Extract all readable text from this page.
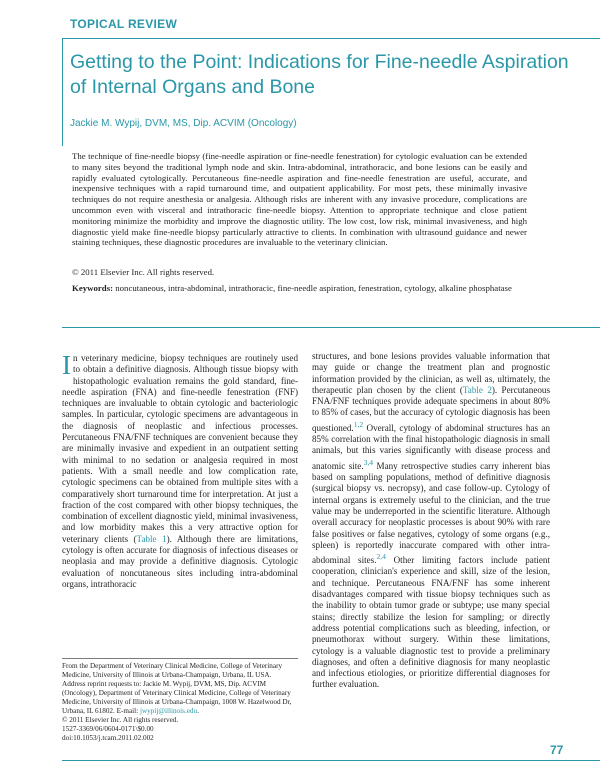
TOPICAL REVIEW
Getting to the Point: Indications for Fine-needle Aspiration of Internal Organs and Bone
Jackie M. Wypij, DVM, MS, Dip. ACVIM (Oncology)

The technique of fine-needle biopsy (fine-needle aspiration or fine-needle fenestration) for cytologic evaluation can be extended to many sites beyond the traditional lymph node and skin. Intra-abdominal, intrathoracic, and bone lesions can be easily and rapidly evaluated cytologically. Percutaneous fine-needle aspiration and fine-needle fenestration are useful, accurate, and inexpensive techniques with a rapid turnaround time, and outpatient applicability. For most pets, these minimally invasive techniques do not require anesthesia or analgesia. Although risks are inherent with any invasive procedure, complications are uncommon even with visceral and intrathoracic fine-needle biopsy. Attention to appropriate technique and close patient monitoring minimize the morbidity and improve the diagnostic utility. The low cost, low risk, minimal invasiveness, and high diagnostic yield make fine-needle biopsy particularly attractive to clients. In combination with ultrasound guidance and newer staining techniques, these diagnostic procedures are invaluable to the veterinary clinician.

© 2011 Elsevier Inc. All rights reserved.
Keywords: noncutaneous, intra-abdominal, intrathoracic, fine-needle aspiration, fenestration, cytology, alkaline phosphatase

In veterinary medicine, biopsy techniques are routinely used to obtain a definitive diagnosis. Although tissue biopsy with histopathologic evaluation remains the gold standard, fine-needle aspiration (FNA) and fine-needle fenestration (FNF) techniques are invaluable to obtain cytologic and bacteriologic samples. In particular, cytologic specimens are advantageous in the diagnosis of neoplastic and infectious processes. Percutaneous FNA/FNF techniques are convenient because they are minimally invasive and expedient in an outpatient setting with minimal to no sedation or analgesia required in most patients. With a small needle and low complication rate, cytologic specimens can be obtained from multiple sites with a comparatively short turnaround time for interpretation. At just a fraction of the cost compared with other biopsy techniques, the combination of excellent diagnostic yield, minimal invasiveness, and low morbidity makes this a very attractive option for veterinary clients (Table 1). Although there are limitations, cytology is often accurate for diagnosis of infectious diseases or neoplasia and may provide a definitive diagnosis. Cytologic evaluation of noncutaneous sites including intra-abdominal organs, intrathoracic

structures, and bone lesions provides valuable information that may guide or change the treatment plan and prognostic information provided by the clinician, as well as, ultimately, the therapeutic plan chosen by the client (Table 2). Percutaneous FNA/FNF techniques provide adequate specimens in about 80% to 85% of cases, but the accuracy of cytologic diagnosis has been questioned.$^{1,2}$ Overall, cytology of abdominal structures has an 85% correlation with the final histopathologic diagnosis in small animals, but this varies significantly with disease process and anatomic site.$^{3,4}$ Many retrospective studies carry inherent bias based on sampling populations, method of definitive diagnosis (surgical biopsy vs. necropsy), and case follow-up. Cytology of internal organs is extremely useful to the clinician, and the true value may be underreported in the scientific literature. Although overall accuracy for neoplastic processes is about 90% with rare false positives or false negatives, cytology of some organs (e.g., spleen) is reportedly inaccurate compared with other intra-abdominal sites.$^{2,4}$ Other limiting factors include patient cooperation, clinician's experience and skill, size of the lesion, and technique. Percutaneous FNA/FNF has some inherent disadvantages compared with tissue biopsy techniques such as the inability to obtain tumor grade or subtype; use many special stains; directly stabilize the lesion for sampling; or directly address potential complications such as bleeding, infection, or pneumothorax without surgery. Within these limitations, cytology is a valuable diagnostic test to provide a preliminary diagnoses, and often a definitive diagnosis for many neoplastic and infectious etiologies, or prioritize differential diagnoses for further evaluation.

From the Department of Veterinary Clinical Medicine, College of Veterinary Medicine, University of Illinois at Urbana-Champaign, Urbana, IL USA.

Address reprint requests to: Jackie M. Wypij, DVM, MS, Dip. ACVIM (Oncology), Department of Veterinary Clinical Medicine, College of Veterinary Medicine, University of Illinois at Urbana-Champaign, 1008 W. Hazelwood Dr, Urbana, IL 61802. E-mail: jwypij@illinois.edu.

© 2011 Elsevier Inc. All rights reserved.

1527-3369/06/0604-0171\$0.00

doi:10.1053/j.tcam.2011.02.002

77
